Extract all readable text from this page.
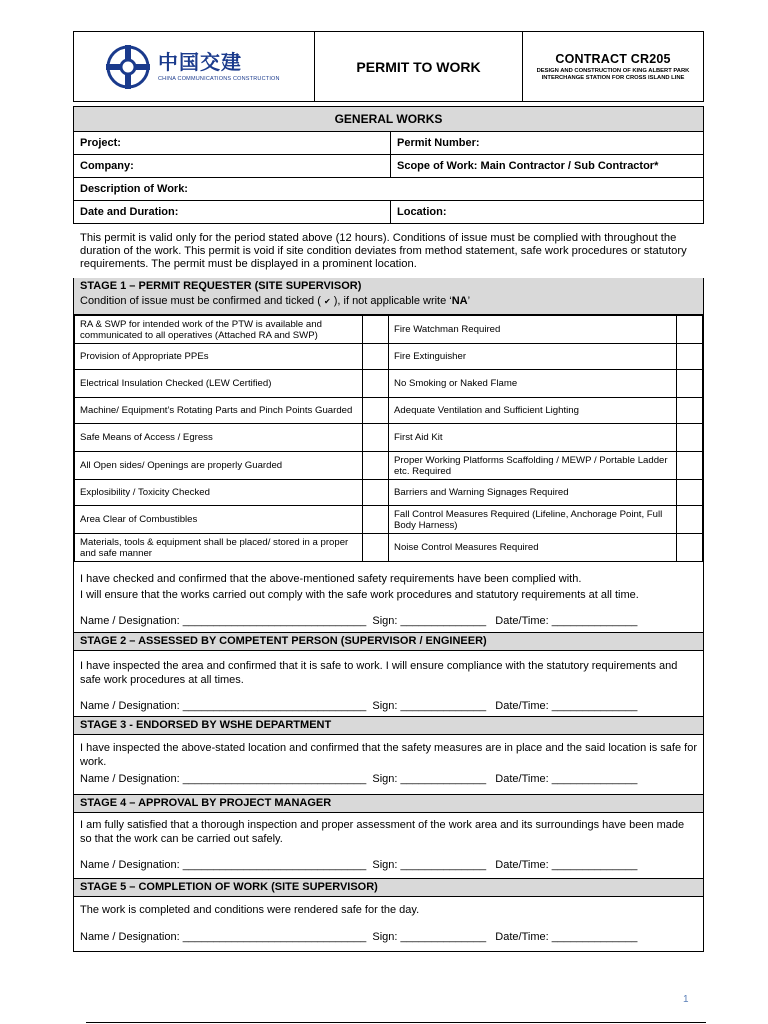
中国交建
CHINA COMMUNICATIONS CONSTRUCTION
PERMIT TO WORK	CONTRACT CR205
DESIGN AND CONSTRUCTION OF KING ALBERT PARK INTERCHANGE STATION FOR CROSS ISLAND LINE
GENERAL WORKS	
Project:	Permit Number:
Company:	Scope of Work: Main Contractor / Sub Contractor*
Description of Work:	
Date and Duration:	Location:
This permit is valid only for the period stated above (12 hours). Conditions of issue must be complied with throughout the duration of the work. This permit is void if site condition deviates from method statement, safe work procedures or statutory requirements. The permit must be displayed in a prominent location.
STAGE 1 – PERMIT REQUESTER (SITE SUPERVISOR)
Condition of issue must be confirmed and ticked ( ✔ ), if not applicable write ‘NA’
RA & SWP for intended work of the PTW is available and communicated to all operatives (Attached RA and SWP)		Fire Watchman Required	
Provision of Appropriate PPEs		Fire Extinguisher	
Electrical Insulation Checked (LEW Certified)		No Smoking or Naked Flame	
Machine/ Equipment’s Rotating Parts and Pinch Points Guarded		Adequate Ventilation and Sufficient Lighting	
Safe Means of Access / Egress		First Aid Kit	
All Open sides/ Openings are properly Guarded		Proper Working Platforms Scaffolding / MEWP / Portable Ladder etc. Required	
Explosibility / Toxicity Checked		Barriers and Warning Signages Required	
Area Clear of Combustibles		Fall Control Measures Required (Lifeline, Anchorage Point, Full Body Harness)	
Materials, tools & equipment shall be placed/ stored in a proper and safe manner		Noise Control Measures Required	
I have checked and confirmed that the above-mentioned safety requirements have been complied with.
I will ensure that the works carried out comply with the safe work procedures and statutory requirements at all time.
Name / Designation: ______________________________  Sign: ______________   Date/Time: ______________
STAGE 2 – ASSESSED BY COMPETENT PERSON (SUPERVISOR / ENGINEER)
I have inspected the area and confirmed that it is safe to work. I will ensure compliance with the statutory requirements and safe work procedures at all times.
Name / Designation: ______________________________  Sign: ______________   Date/Time: ______________
STAGE 3 - ENDORSED BY WSHE DEPARTMENT
I have inspected the above-stated location and confirmed that the safety measures are in place and the said location is safe for work.
Name / Designation: ______________________________  Sign: ______________   Date/Time: ______________
STAGE 4 – APPROVAL BY PROJECT MANAGER
I am fully satisfied that a thorough inspection and proper assessment of the work area and its surroundings have been made so that the work can be carried out safely.
Name / Designation: ______________________________  Sign: ______________   Date/Time: ______________
STAGE 5 – COMPLETION OF WORK (SITE SUPERVISOR)
The work is completed and conditions were rendered safe for the day.
Name / Designation: ______________________________  Sign: ______________   Date/Time: ______________
1
